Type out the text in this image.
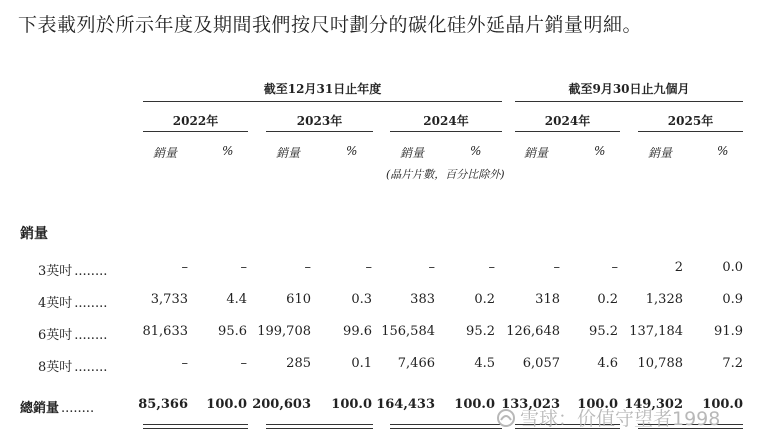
下表載列於所示年度及期間我們按尺吋劃分的碳化硅外延晶片銷量明細。
截至12月31日止年度	截至9月30日止九個月
2022年	2023年	2024年	2024年	2025年
銷量	%	銷量	%	銷量	%	銷量	%	銷量	%
(晶片片數，百分比除外)
銷量
3英吋 ........	–	–	–	–	–	–	–	–	2	0.0
4英吋 ........	3,733	4.4	610	0.3	383	0.2	318	0.2 1,328	0.9
6英吋 ........	81,633 95.6 199,708 99.6 156,584 95.2 126,648 95.2 137,184 91.9
8英吋 ........	–	–	285	0.1 7,466	4.5 6,057	4.6 10,788	7.2
總銷量 ........	85,366 100.0 200,603 100.0 164,433 100.0 133,023 100.0 149,302 100.0
雪球：价值守望者1998
